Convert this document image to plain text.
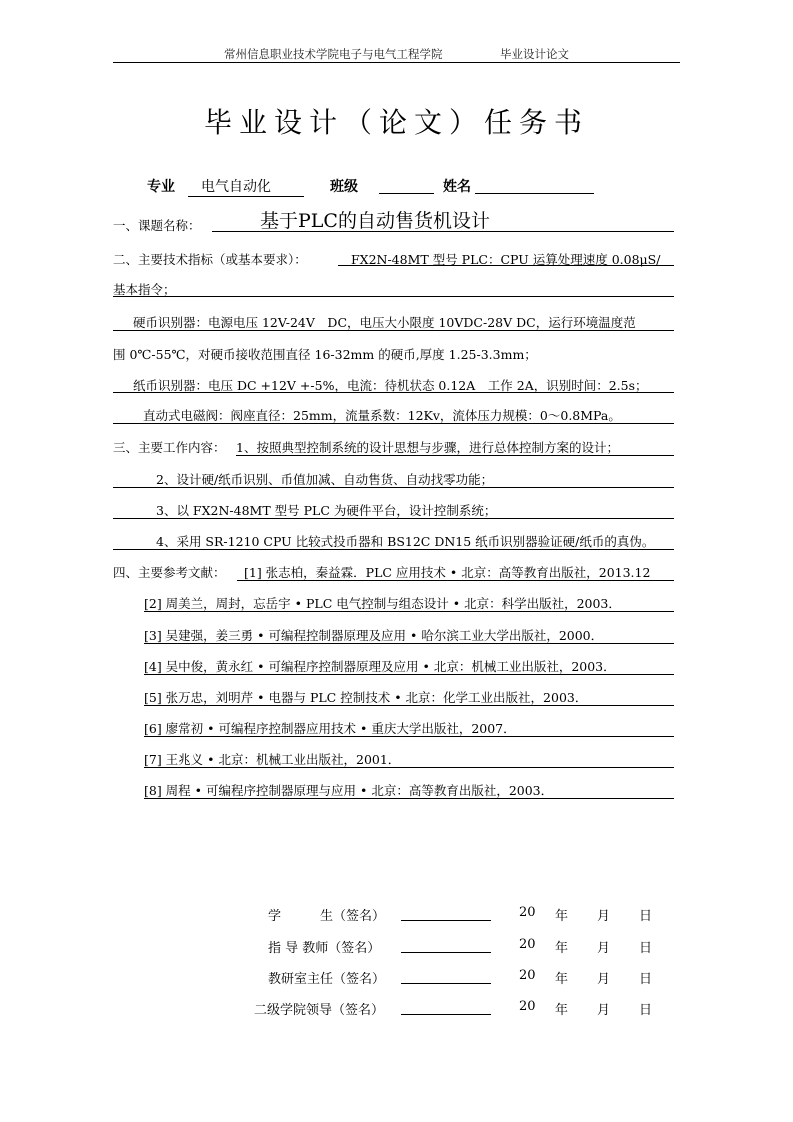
常州信息职业技术学院电子与电气工程学院	毕业设计论文
毕业设计（论文）任务书
专业	电气自动化	班级	姓名
一、课题名称：	基于PLC的自动售货机设计
二、主要技术指标（或基本要求）：	FX2N-48MT 型号 PLC：CPU 运算处理速度 0.08μS/
基本指令；
硬币识别器：电源电压 12V-24V　DC，电压大小限度 10VDC-28V DC，运行环境温度范
围 0℃-55℃，对硬币接收范围直径 16-32mm 的硬币,厚度 1.25-3.3mm；
纸币识别器：电压 DC +12V +-5%，电流：待机状态 0.12A　工作 2A，识别时间：2.5s；
直动式电磁阀：阀座直径：25mm，流量系数：12Kv，流体压力规模：0～0.8MPa。
三、主要工作内容： 1、按照典型控制系统的设计思想与步骤，进行总体控制方案的设计；
2、设计硬/纸币识别、币值加减、自动售货、自动找零功能；
3、以 FX2N-48MT 型号 PLC 为硬件平台，设计控制系统；
4、采用 SR-1210 CPU 比较式投币器和 BS12C DN15 纸币识别器验证硬/纸币的真伪。
四、主要参考文献： [1] 张志柏，秦益霖．PLC 应用技术 • 北京：高等教育出版社，2013.12
[2] 周美兰，周封，忘岳宇 • PLC 电气控制与组态设计 • 北京：科学出版社，2003．
[3] 吴建强，姜三勇 • 可编程控制器原理及应用 • 哈尔滨工业大学出版社，2000．
[4] 吴中俊，黄永红 • 可编程序控制器原理及应用 • 北京：机械工业出版社，2003．
[5] 张万忠，刘明芹 • 电器与 PLC 控制技术 • 北京：化学工业出版社，2003．
[6] 廖常初 • 可编程序控制器应用技术 • 重庆大学出版社，2007．
[7] 王兆义 • 北京：机械工业出版社，2001．
[8] 周程 • 可编程序控制器原理与应用 • 北京：高等教育出版社，2003．
学　　　生（签名）	20 年 月 日
指 导 教师（签名）	20 年 月 日
教研室主任（签名）	20 年 月 日
二级学院领导（签名）	20 年 月 日
